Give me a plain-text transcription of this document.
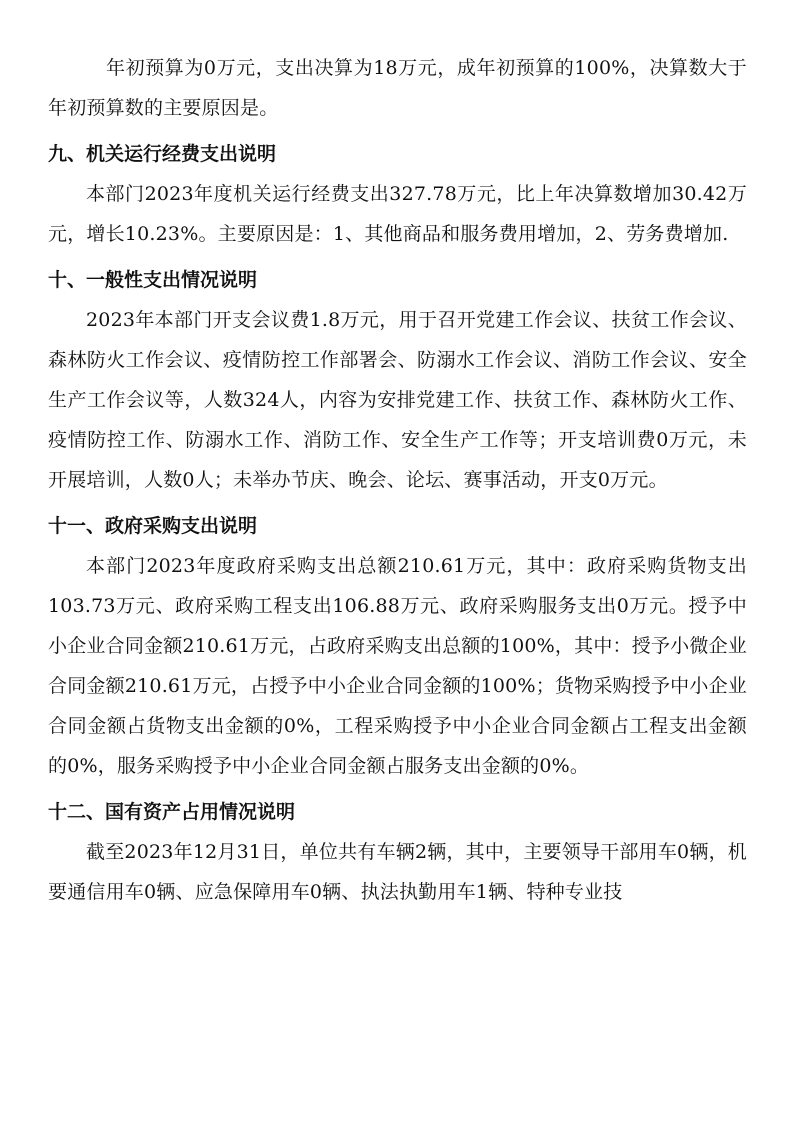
年初预算为0万元，支出决算为18万元，成年初预算的100%，决算数大于年初预算数的主要原因是。

九、机关运行经费支出说明

本部门2023年度机关运行经费支出327.78万元，比上年决算数增加30.42万元，增长10.23%。主要原因是：1、其他商品和服务费用增加，2、劳务费增加.

十、一般性支出情况说明

2023年本部门开支会议费1.8万元，用于召开党建工作会议、扶贫工作会议、森林防火工作会议、疫情防控工作部署会、防溺水工作会议、消防工作会议、安全生产工作会议等，人数324人，内容为安排党建工作、扶贫工作、森林防火工作、疫情防控工作、防溺水工作、消防工作、安全生产工作等；开支培训费0万元，未开展培训，人数0人；未举办节庆、晚会、论坛、赛事活动，开支0万元。

十一、政府采购支出说明

本部门2023年度政府采购支出总额210.61万元，其中：政府采购货物支出103.73万元、政府采购工程支出106.88万元、政府采购服务支出0万元。授予中小企业合同金额210.61万元，占政府采购支出总额的100%，其中：授予小微企业合同金额210.61万元，占授予中小企业合同金额的100%；货物采购授予中小企业合同金额占货物支出金额的0%，工程采购授予中小企业合同金额占工程支出金额的0%，服务采购授予中小企业合同金额占服务支出金额的0%。

十二、国有资产占用情况说明

截至2023年12月31日，单位共有车辆2辆，其中，主要领导干部用车0辆，机要通信用车0辆、应急保障用车0辆、执法执勤用车1辆、特种专业技
